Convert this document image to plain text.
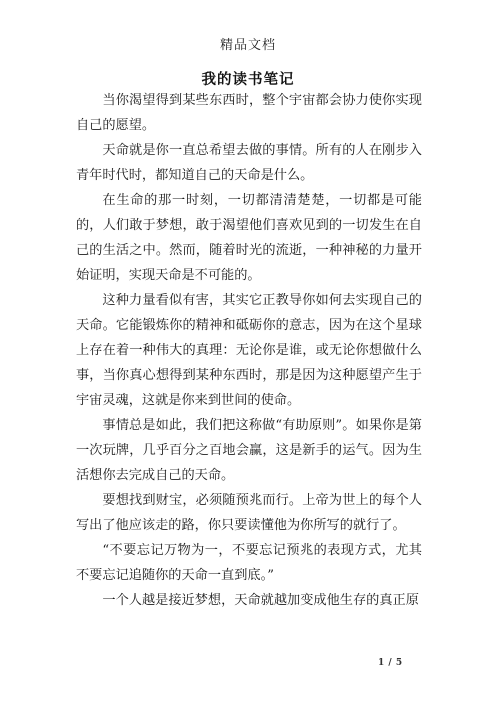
精品文档
我的读书笔记

当你渴望得到某些东西时，整个宇宙都会协力使你实现自己的愿望。

天命就是你一直总希望去做的事情。所有的人在刚步入青年时代时，都知道自己的天命是什么。

在生命的那一时刻，一切都清清楚楚，一切都是可能的，人们敢于梦想，敢于渴望他们喜欢见到的一切发生在自己的生活之中。然而，随着时光的流逝，一种神秘的力量开始证明，实现天命是不可能的。

这种力量看似有害，其实它正教导你如何去实现自己的天命。它能锻炼你的精神和砥砺你的意志，因为在这个星球上存在着一种伟大的真理：无论你是谁，或无论你想做什么事，当你真心想得到某种东西时，那是因为这种愿望产生于宇宙灵魂，这就是你来到世间的使命。

事情总是如此，我们把这称做“有助原则”。如果你是第一次玩牌，几乎百分之百地会赢，这是新手的运气。因为生活想你去完成自己的天命。

要想找到财宝，必须随预兆而行。上帝为世上的每个人写出了他应该走的路，你只要读懂他为你所写的就行了。

“不要忘记万物为一，不要忘记预兆的表现方式，尤其不要忘记追随你的天命一直到底。”

一个人越是接近梦想，天命就越加变成他生存的真正原

1 / 5
